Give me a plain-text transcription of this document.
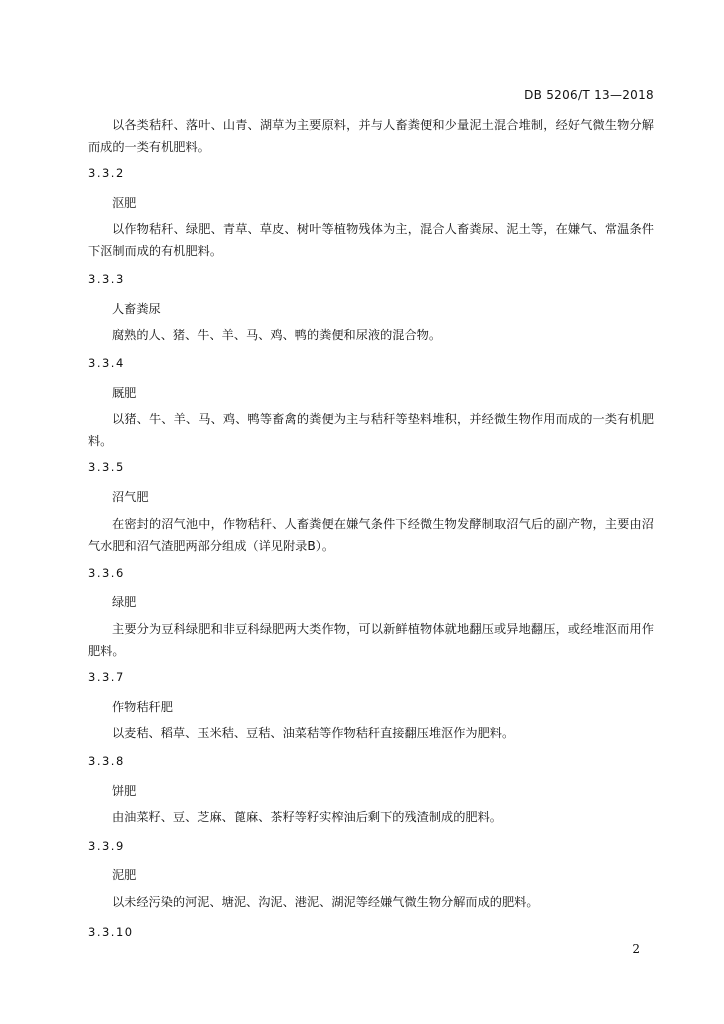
DB 5206/T 13—2018
以各类秸秆、落叶、山青、湖草为主要原料，并与人畜粪便和少量泥土混合堆制，经好气微生物分解而成的一类有机肥料。
3.3.2
沤肥
以作物秸秆、绿肥、青草、草皮、树叶等植物残体为主，混合人畜粪尿、泥土等，在嫌气、常温条件下沤制而成的有机肥料。
3.3.3
人畜粪尿
腐熟的人、猪、牛、羊、马、鸡、鸭的粪便和尿液的混合物。
3.3.4
厩肥
以猪、牛、羊、马、鸡、鸭等畜禽的粪便为主与秸秆等垫料堆积，并经微生物作用而成的一类有机肥料。
3.3.5
沼气肥
在密封的沼气池中，作物秸秆、人畜粪便在嫌气条件下经微生物发酵制取沼气后的副产物，主要由沼气水肥和沼气渣肥两部分组成（详见附录B）。
3.3.6
绿肥
主要分为豆科绿肥和非豆科绿肥两大类作物，可以新鲜植物体就地翻压或异地翻压，或经堆沤而用作肥料。
3.3.7
作物秸秆肥
以麦秸、稻草、玉米秸、豆秸、油菜秸等作物秸秆直接翻压堆沤作为肥料。
3.3.8
饼肥
由油菜籽、豆、芝麻、蓖麻、茶籽等籽实榨油后剩下的残渣制成的肥料。
3.3.9
泥肥
以未经污染的河泥、塘泥、沟泥、港泥、湖泥等经嫌气微生物分解而成的肥料。
3.3.10
2
